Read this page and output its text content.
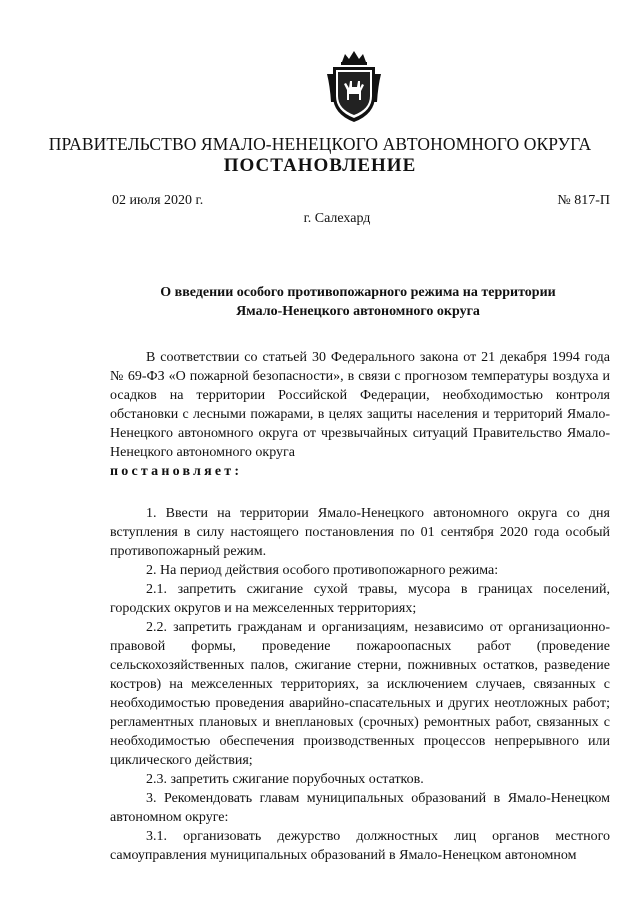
ПРАВИТЕЛЬСТВО ЯМАЛО-НЕНЕЦКОГО АВТОНОМНОГО ОКРУГА
ПОСТАНОВЛЕНИЕ
02 июля 2020 г.	№ 817-П
г. Салехард
О введении особого противопожарного режима на территории
Ямало-Ненецкого автономного округа

В соответствии со статьей 30 Федерального закона от 21 декабря 1994 года № 69-ФЗ «О пожарной безопасности», в связи с прогнозом температуры воздуха и осадков на территории Российской Федерации, необходимостью контроля обстановки с лесными пожарами, в целях защиты населения и территорий Ямало-Ненецкого автономного округа от чрезвычайных ситуаций Правительство Ямало-Ненецкого автономного округа
постановляет:

1. Ввести на территории Ямало-Ненецкого автономного округа со дня вступления в силу настоящего постановления по 01 сентября 2020 года особый противопожарный режим.

2. На период действия особого противопожарного режима:

2.1. запретить сжигание сухой травы, мусора в границах поселений, городских округов и на межселенных территориях;

2.2. запретить гражданам и организациям, независимо от организационно-правовой формы, проведение пожароопасных работ (проведение сельскохозяйственных палов, сжигание стерни, пожнивных остатков, разведение костров) на межселенных территориях, за исключением случаев, связанных с необходимостью проведения аварийно-спасательных и других неотложных работ; регламентных плановых и внеплановых (срочных) ремонтных работ, связанных с необходимостью обеспечения производственных процессов непрерывного или циклического действия;

2.3. запретить сжигание порубочных остатков.

3. Рекомендовать главам муниципальных образований в Ямало-Ненецком автономном округе:

3.1. организовать дежурство должностных лиц органов местного самоуправления муниципальных образований в Ямало-Ненецком автономном
